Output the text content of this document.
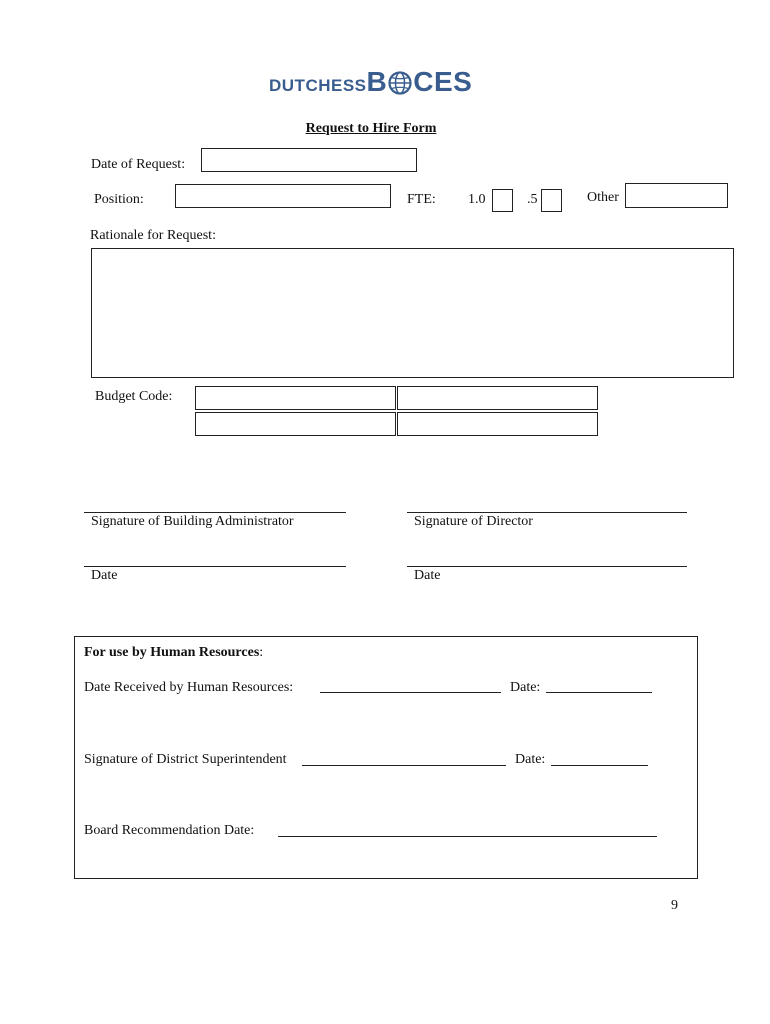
DUTCHESS B CES
Request to Hire Form
Date of Request:
Position:	FTE: 1.0	.5	Other
Rationale for Request:
Budget Code:
Signature of Building Administrator	Signature of Director
Date	Date
For use by Human Resources:
Date Received by Human Resources:	Date:
Signature of District Superintendent	Date:
Board Recommendation Date:
9
